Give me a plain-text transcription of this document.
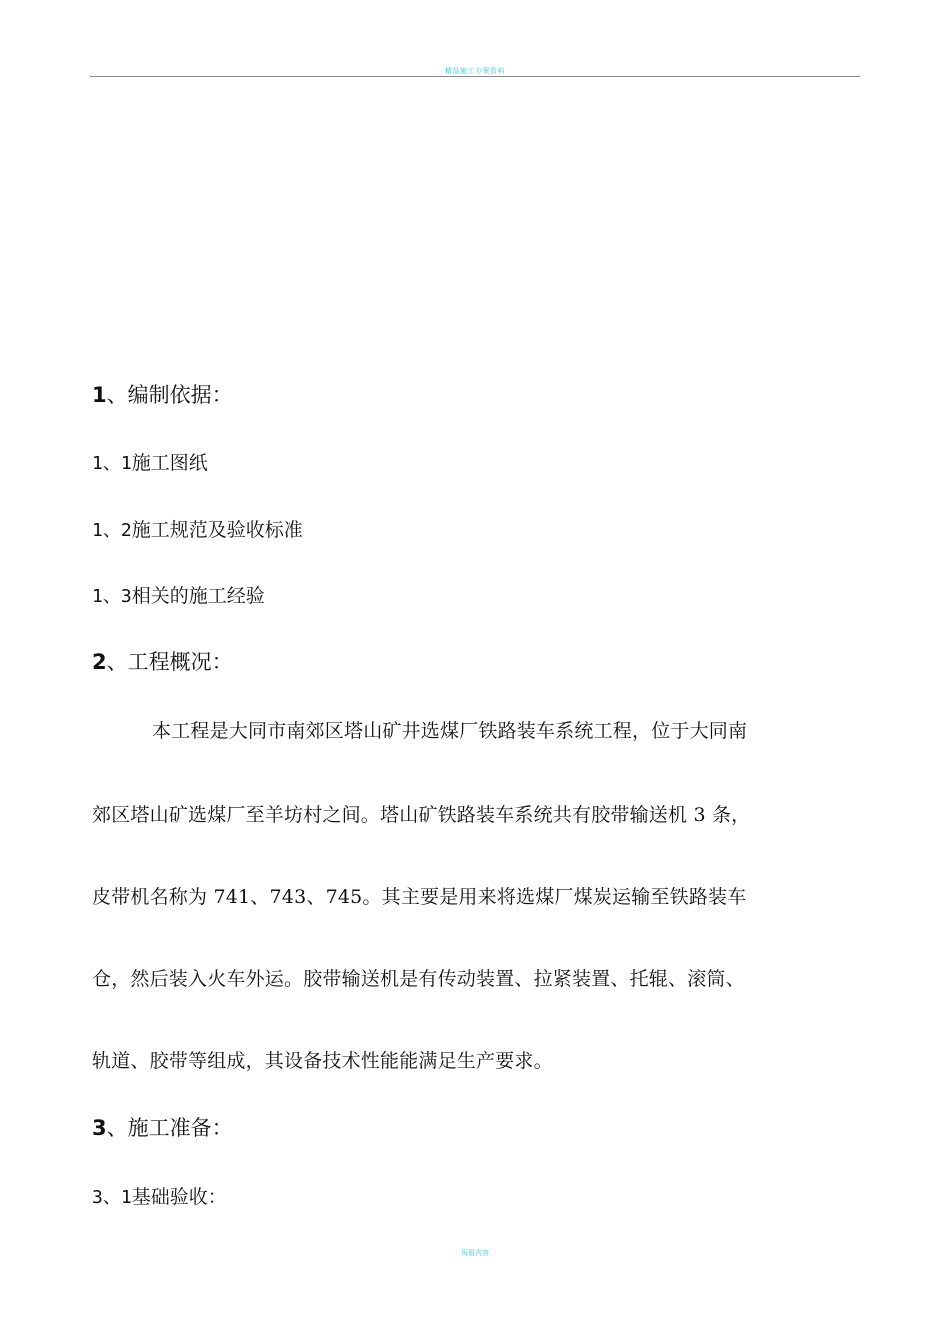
精品施工方案资料
1、编制依据：
1、1施工图纸
1、2施工规范及验收标准
1、3相关的施工经验
2、工程概况：
本工程是大同市南郊区塔山矿井选煤厂铁路装车系统工程，位于大同南
郊区塔山矿选煤厂至羊坊村之间。塔山矿铁路装车系统共有胶带输送机 3 条，
皮带机名称为 741、743、745。其主要是用来将选煤厂煤炭运输至铁路装车
仓，然后装入火车外运。胶带输送机是有传动装置、拉紧装置、托辊、滚筒、
轨道、胶带等组成，其设备技术性能能满足生产要求。
3、施工准备：
3、1基础验收：
页眉内容
